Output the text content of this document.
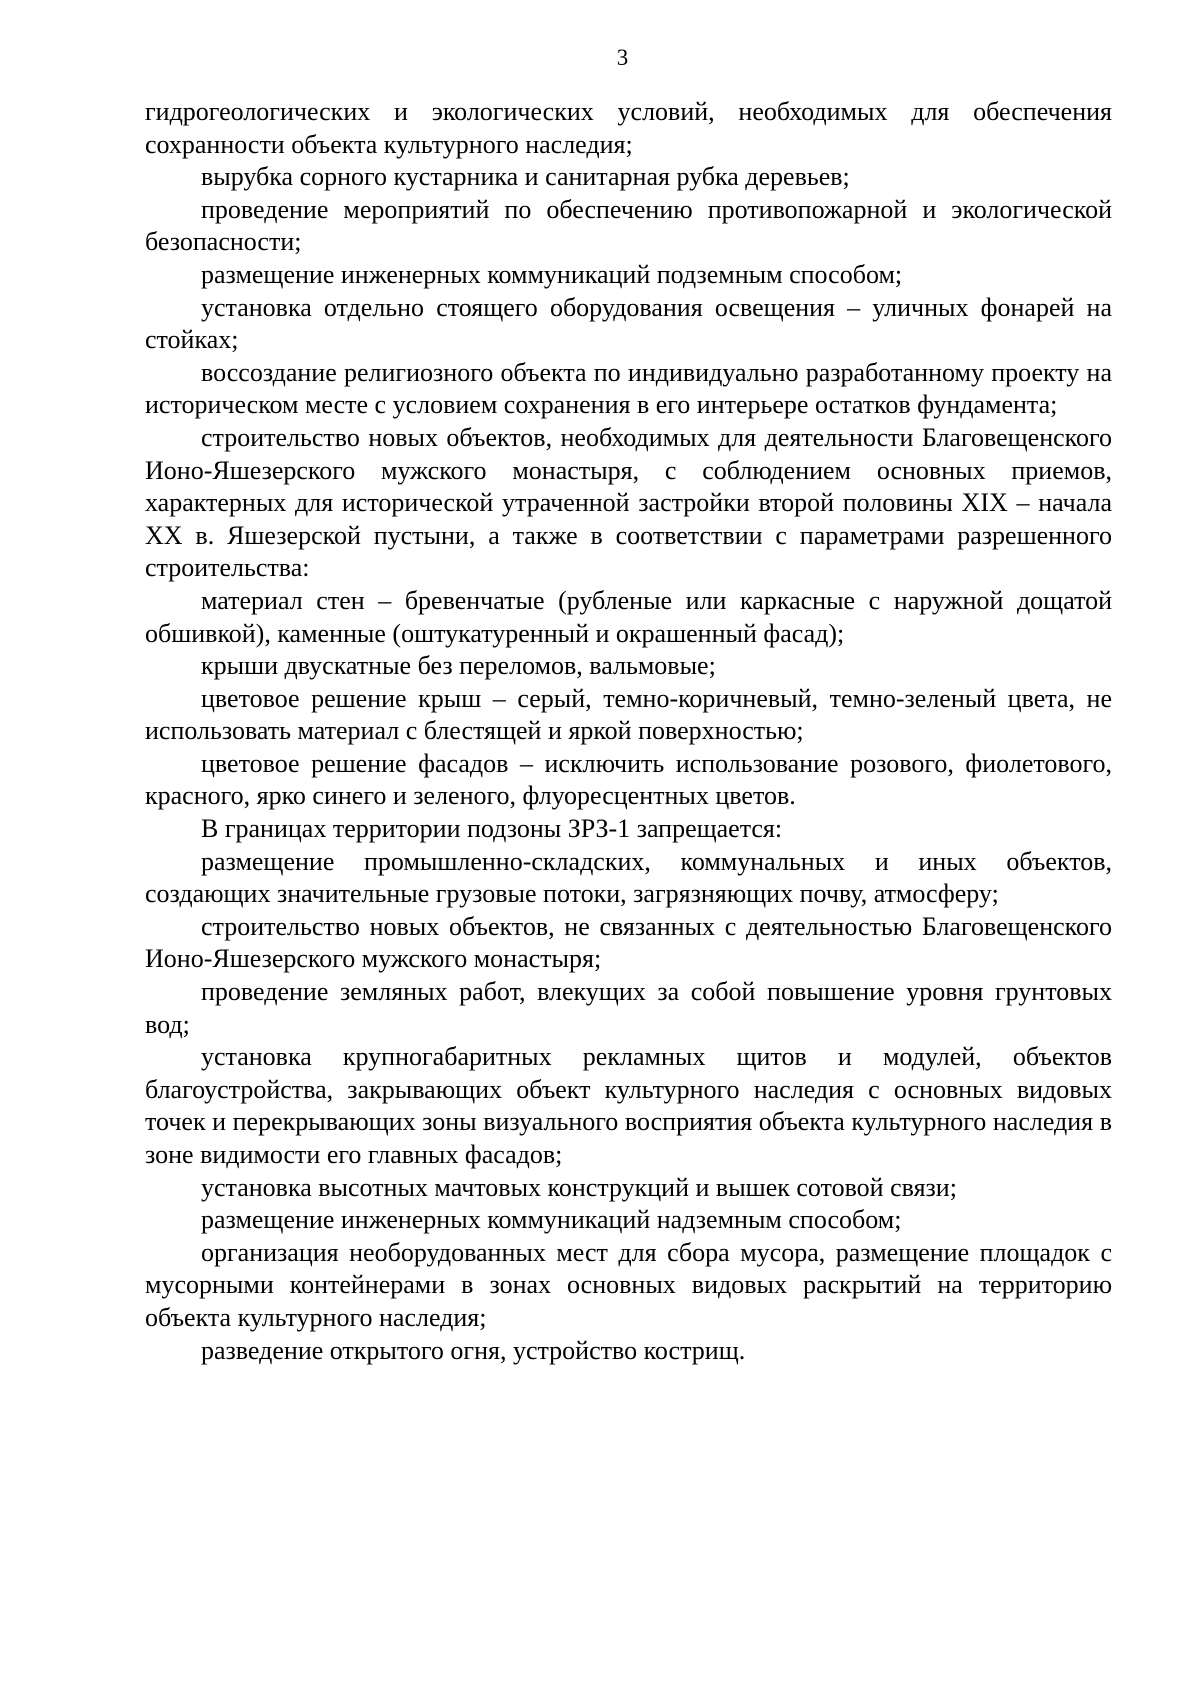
3

гидрогеологических и экологических условий, необходимых для обеспечения сохранности объекта культурного наследия;

вырубка сорного кустарника и санитарная рубка деревьев;

проведение мероприятий по обеспечению противопожарной и экологической безопасности;

размещение инженерных коммуникаций подземным способом;

установка отдельно стоящего оборудования освещения – уличных фонарей на стойках;

воссоздание религиозного объекта по индивидуально разработанному проекту на историческом месте с условием сохранения в его интерьере остатков фундамента;

строительство новых объектов, необходимых для деятельности Благовещенского Ионо-Яшезерского мужского монастыря, с соблюдением основных приемов, характерных для исторической утраченной застройки второй половины XIX – начала XX в. Яшезерской пустыни, а также в соответствии с параметрами разрешенного строительства:

материал стен – бревенчатые (рубленые или каркасные с наружной дощатой обшивкой), каменные (оштукатуренный и окрашенный фасад);

крыши двускатные без переломов, вальмовые;

цветовое решение крыш – серый, темно-коричневый, темно-зеленый цвета, не использовать материал с блестящей и яркой поверхностью;

цветовое решение фасадов – исключить использование розового, фиолетового, красного, ярко синего и зеленого, флуоресцентных цветов.

В границах территории подзоны ЗРЗ-1 запрещается:

размещение промышленно-складских, коммунальных и иных объектов, создающих значительные грузовые потоки, загрязняющих почву, атмосферу;

строительство новых объектов, не связанных с деятельностью Благовещенского Ионо-Яшезерского мужского монастыря;

проведение земляных работ, влекущих за собой повышение уровня грунтовых вод;

установка крупногабаритных рекламных щитов и модулей, объектов благоустройства, закрывающих объект культурного наследия с основных видовых точек и перекрывающих зоны визуального восприятия объекта культурного наследия в зоне видимости его главных фасадов;

установка высотных мачтовых конструкций и вышек сотовой связи;

размещение инженерных коммуникаций надземным способом;

организация необорудованных мест для сбора мусора, размещение площадок с мусорными контейнерами в зонах основных видовых раскрытий на территорию объекта культурного наследия;

разведение открытого огня, устройство кострищ.
